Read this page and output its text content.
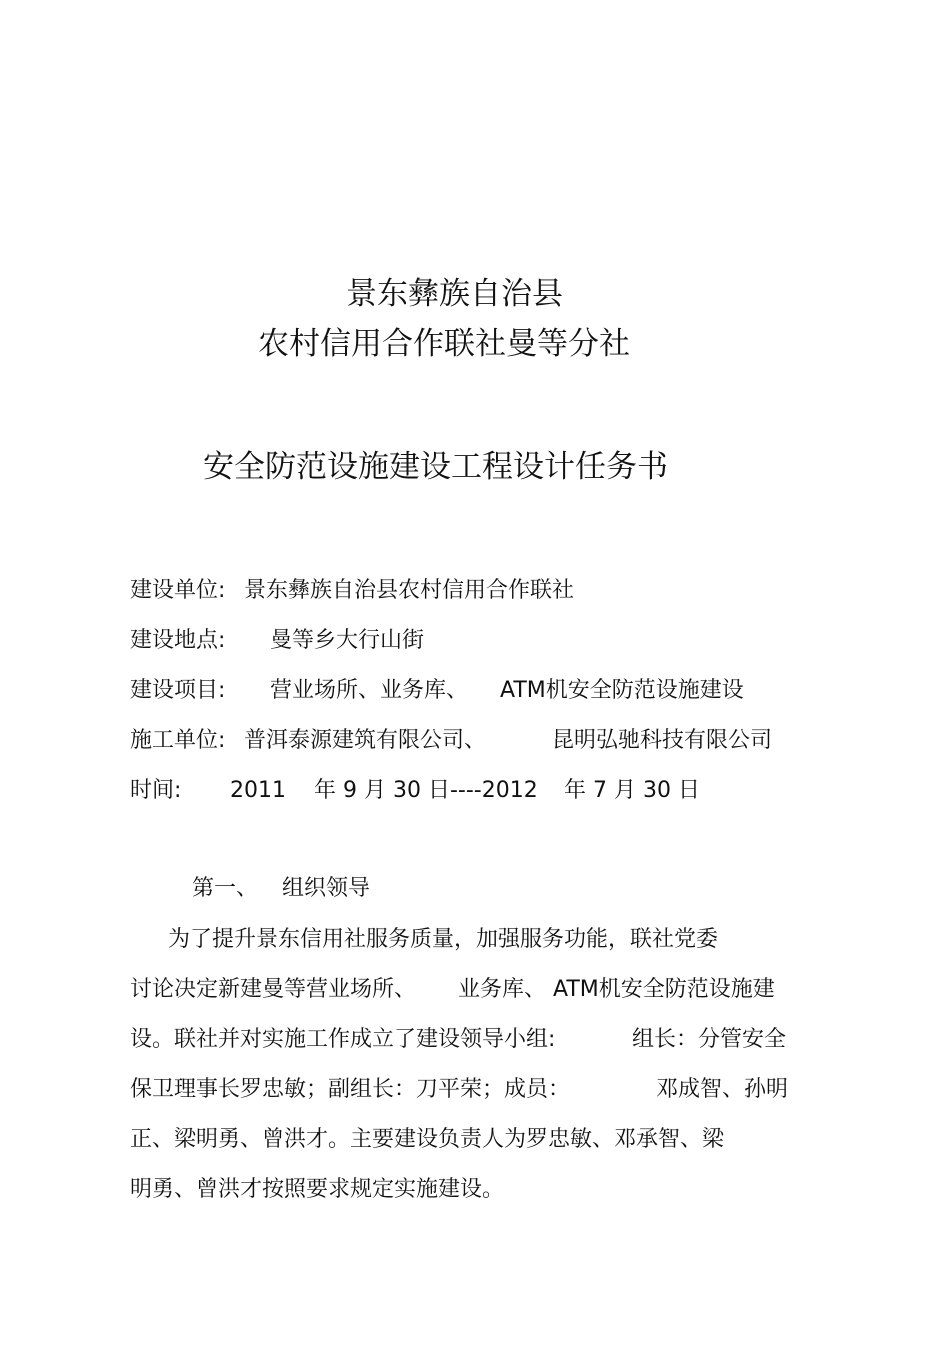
景东彝族自治县
农村信用合作联社曼等分社
安全防范设施建设工程设计任务书
建设单位: 景东彝族自治县农村信用合作联社
建设地点: 曼等乡大行山街
建设项目: 营业场所、业务库、 ATM机安全防范设施建设
施工单位: 普洱泰源建筑有限公司、	昆明弘驰科技有限公司
时间: 2011 年 9 月 30 日----2012 年 7 月 30 日
第一、 组织领导
为了提升景东信用社服务质量，加强服务功能，联社党委
讨论决定新建曼等营业场所、 业务库、 ATM机安全防范设施建
设。联社并对实施工作成立了建设领导小组:	组长：分管安全
保卫理事长罗忠敏；副组长：刀平荣；成员：	邓成智、孙明
正、梁明勇、曾洪才。主要建设负责人为罗忠敏、邓承智、梁
明勇、曾洪才按照要求规定实施建设。
